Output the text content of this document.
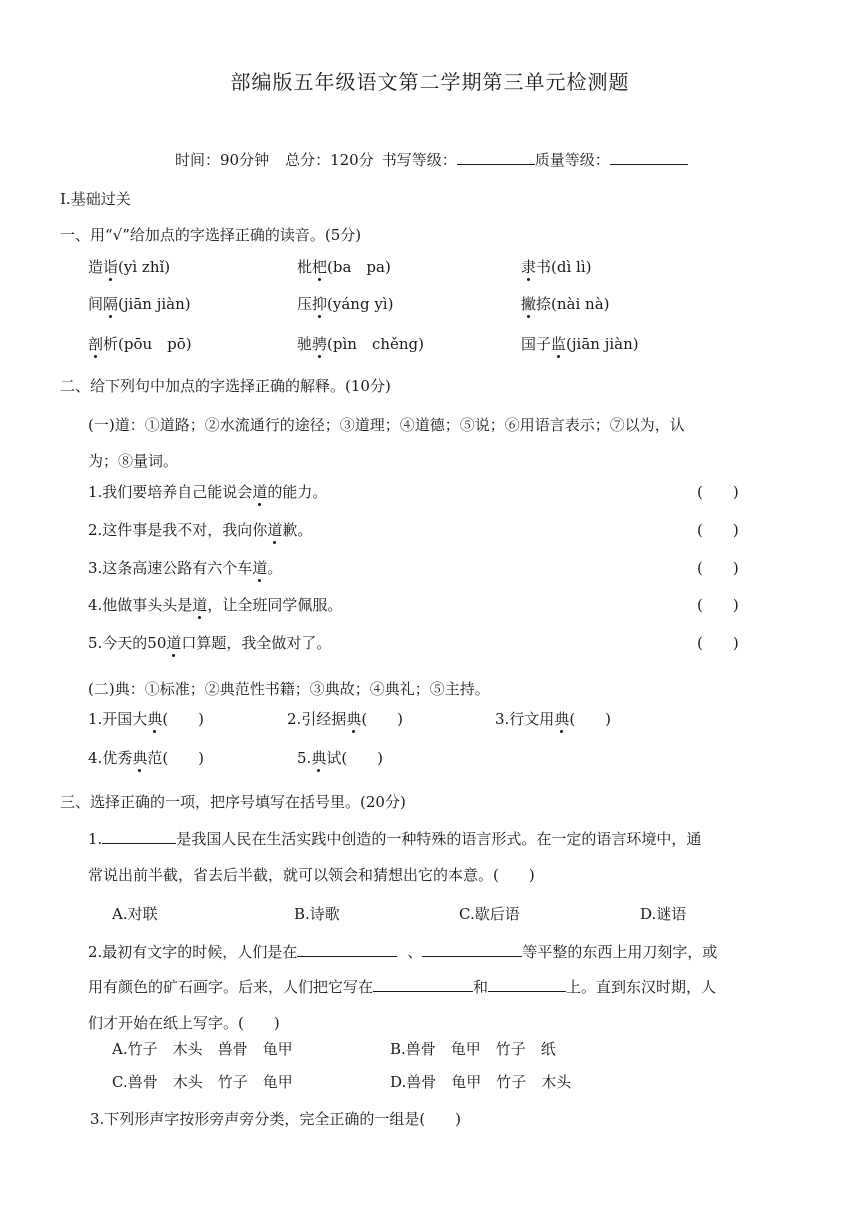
部编版五年级语文第二学期第三单元检测题
时间：90分钟 总分：120分 书写等级：	质量等级：
Ⅰ.基础过关
一、用“√”给加点的字选择正确的读音。(5分)
造诣(yì zhǐ)	枇杷(ba　pa)	隶书(dì lì)
间隔(jiān jiàn)	压抑(yáng yì)	撇捺(nài nà)
剖析(pōu　pō)	驰骋(pìn　chěng)	国子监(jiān jiàn)
二、给下列句中加点的字选择正确的解释。(10分)
(一)道：①道路；②水流通行的途径；③道理；④道德；⑤说；⑥用语言表示；⑦以为，认
为；⑧量词。
1.我们要培养自己能说会道的能力。	(　　)
2.这件事是我不对，我向你道歉。	(　　)
3.这条高速公路有六个车道。	(　　)
4.他做事头头是道，让全班同学佩服。	(　　)
5.今天的50道口算题，我全做对了。	(　　)
(二)典：①标准；②典范性书籍；③典故；④典礼；⑤主持。
1.开国大典(　　)	2.引经据典(　　)	3.行文用典(　　)
4.优秀典范(　　)	5.典试(　　)
三、选择正确的一项，把序号填写在括号里。(20分)
1.	是我国人民在生活实践中创造的一种特殊的语言形式。在一定的语言环境中，通
常说出前半截，省去后半截，就可以领会和猜想出它的本意。(　　)
A.对联	B.诗歌	C.歇后语	D.谜语
2.最初有文字的时候，人们是在	、	等平整的东西上用刀刻字，或
用有颜色的矿石画字。后来，人们把它写在	和	上。直到东汉时期，人
们才开始在纸上写字。(　　)
A.竹子　木头　兽骨　龟甲	B.兽骨　龟甲　竹子　纸
C.兽骨　木头　竹子　龟甲	D.兽骨　龟甲　竹子　木头
3.下列形声字按形旁声旁分类，完全正确的一组是(　　)
